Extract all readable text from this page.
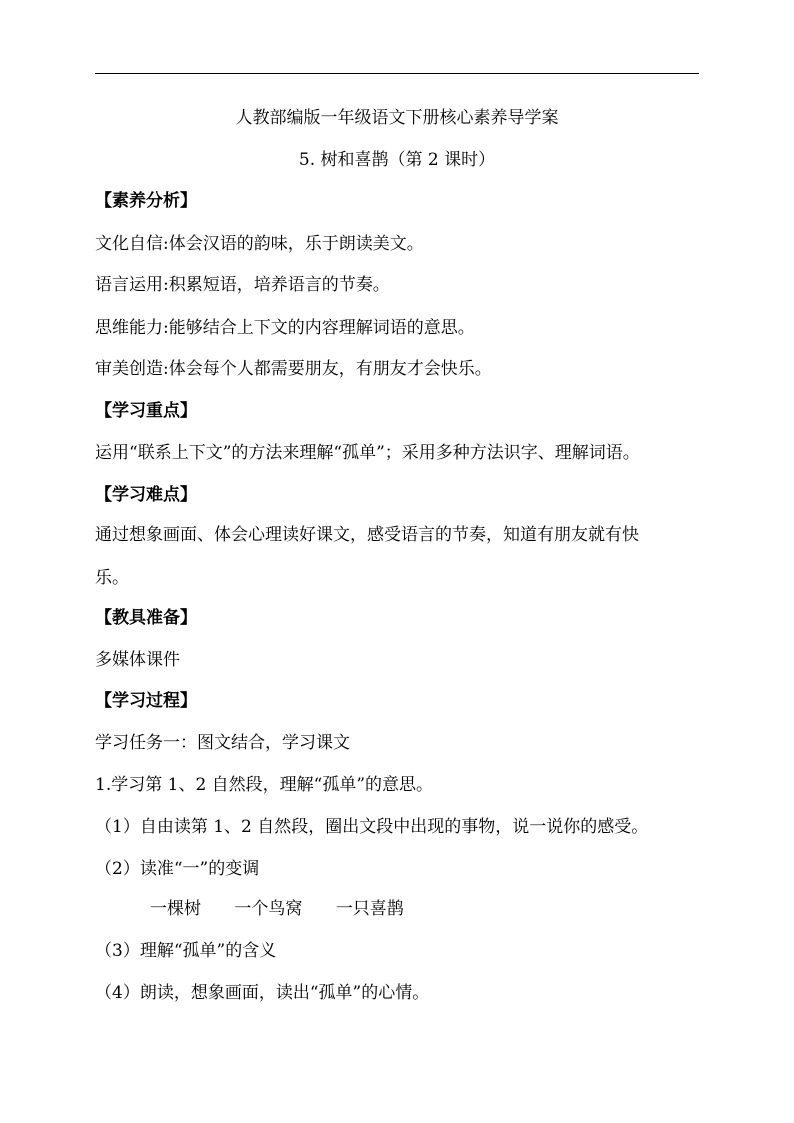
人教部编版一年级语文下册核心素养导学案
5. 树和喜鹊（第 2 课时）
【素养分析】
文化自信:体会汉语的韵味，乐于朗读美文。
语言运用:积累短语，培养语言的节奏。
思维能力:能够结合上下文的内容理解词语的意思。
审美创造:体会每个人都需要朋友，有朋友才会快乐。
【学习重点】
运用“联系上下文”的方法来理解“孤单”；采用多种方法识字、理解词语。
【学习难点】
通过想象画面、体会心理读好课文，感受语言的节奏，知道有朋友就有快
乐。
【教具准备】
多媒体课件
【学习过程】
学习任务一：图文结合，学习课文
1.学习第 1、2 自然段，理解“孤单”的意思。
（1）自由读第 1、2 自然段，圈出文段中出现的事物，说一说你的感受。
（2）读准“一”的变调
一棵树 一个鸟窝 一只喜鹊
（3）理解“孤单”的含义
（4）朗读，想象画面，读出“孤单”的心情。
